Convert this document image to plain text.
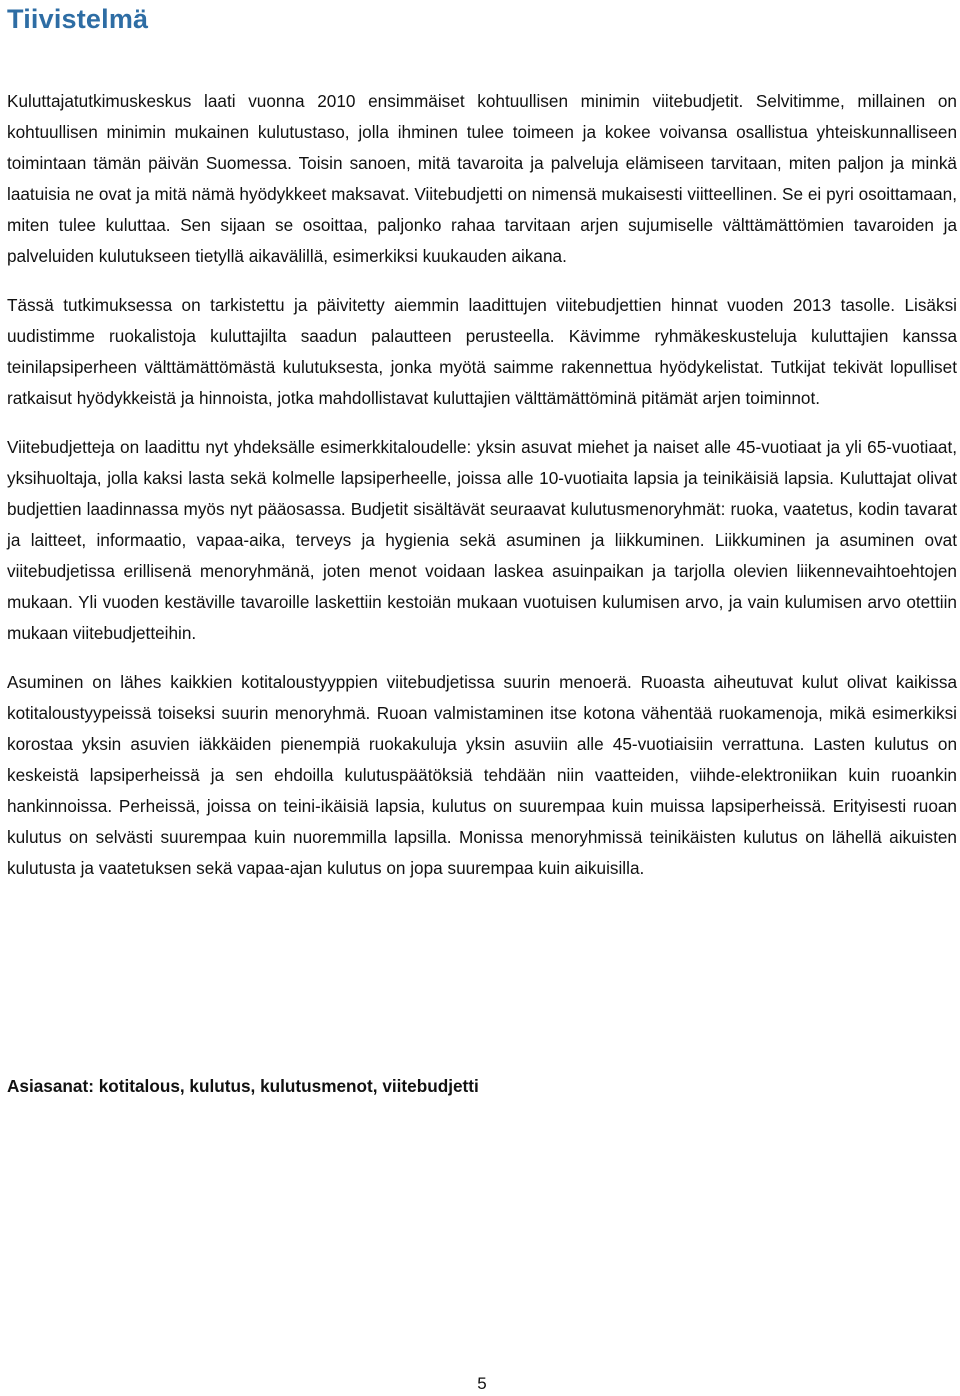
Tiivistelmä

Kuluttajatutkimuskeskus laati vuonna 2010 ensimmäiset kohtuullisen minimin viitebudjetit. Selvitimme, millainen on kohtuullisen minimin mukainen kulutustaso, jolla ihminen tulee toimeen ja kokee voivansa osallistua yhteiskunnalliseen toimintaan tämän päivän Suomessa. Toisin sanoen, mitä tavaroita ja palveluja elämiseen tarvitaan, miten paljon ja minkä laatuisia ne ovat ja mitä nämä hyödykkeet maksavat. Viitebudjetti on nimensä mukaisesti viitteellinen. Se ei pyri osoittamaan, miten tulee kuluttaa. Sen sijaan se osoittaa, paljonko rahaa tarvitaan arjen sujumiselle välttämättömien tavaroiden ja palveluiden kulutukseen tietyllä aikavälillä, esimerkiksi kuukauden aikana.

Tässä tutkimuksessa on tarkistettu ja päivitetty aiemmin laadittujen viitebudjettien hinnat vuoden 2013 tasolle. Lisäksi uudistimme ruokalistoja kuluttajilta saadun palautteen perusteella. Kävimme ryhmäkeskusteluja kuluttajien kanssa teinilapsiperheen välttämättömästä kulutuksesta, jonka myötä saimme rakennettua hyödykelistat. Tutkijat tekivät lopulliset ratkaisut hyödykkeistä ja hinnoista, jotka mahdollistavat kuluttajien välttämättöminä pitämät arjen toiminnot.

Viitebudjetteja on laadittu nyt yhdeksälle esimerkkitaloudelle: yksin asuvat miehet ja naiset alle 45-vuotiaat ja yli 65-vuotiaat, yksihuoltaja, jolla kaksi lasta sekä kolmelle lapsiperheelle, joissa alle 10-vuotiaita lapsia ja teinikäisiä lapsia. Kuluttajat olivat budjettien laadinnassa myös nyt pääosassa. Budjetit sisältävät seuraavat kulutusmenoryhmät: ruoka, vaatetus, kodin tavarat ja laitteet, informaatio, vapaa-aika, terveys ja hygienia sekä asuminen ja liikkuminen. Liikkuminen ja asuminen ovat viitebudjetissa erillisenä menoryhmänä, joten menot voidaan laskea asuinpaikan ja tarjolla olevien liikennevaihtoehtojen mukaan. Yli vuoden kestäville tavaroille laskettiin kestoiän mukaan vuotuisen kulumisen arvo, ja vain kulumisen arvo otettiin mukaan viitebudjetteihin.

Asuminen on lähes kaikkien kotitaloustyyppien viitebudjetissa suurin menoerä. Ruoasta aiheutuvat kulut olivat kaikissa kotitaloustyypeissä toiseksi suurin menoryhmä. Ruoan valmistaminen itse kotona vähentää ruokamenoja, mikä esimerkiksi korostaa yksin asuvien iäkkäiden pienempiä ruokakuluja yksin asuviin alle 45-vuotiaisiin verrattuna. Lasten kulutus on keskeistä lapsiperheissä ja sen ehdoilla kulutuspäätöksiä tehdään niin vaatteiden, viihde-elektroniikan kuin ruoankin hankinnoissa. Perheissä, joissa on teini-ikäisiä lapsia, kulutus on suurempaa kuin muissa lapsiperheissä. Erityisesti ruoan kulutus on selvästi suurempaa kuin nuoremmilla lapsilla. Monissa menoryhmissä teinikäisten kulutus on lähellä aikuisten kulutusta ja vaatetuksen sekä vapaa-ajan kulutus on jopa suurempaa kuin aikuisilla.

Asiasanat: kotitalous, kulutus, kulutusmenot, viitebudjetti

5
